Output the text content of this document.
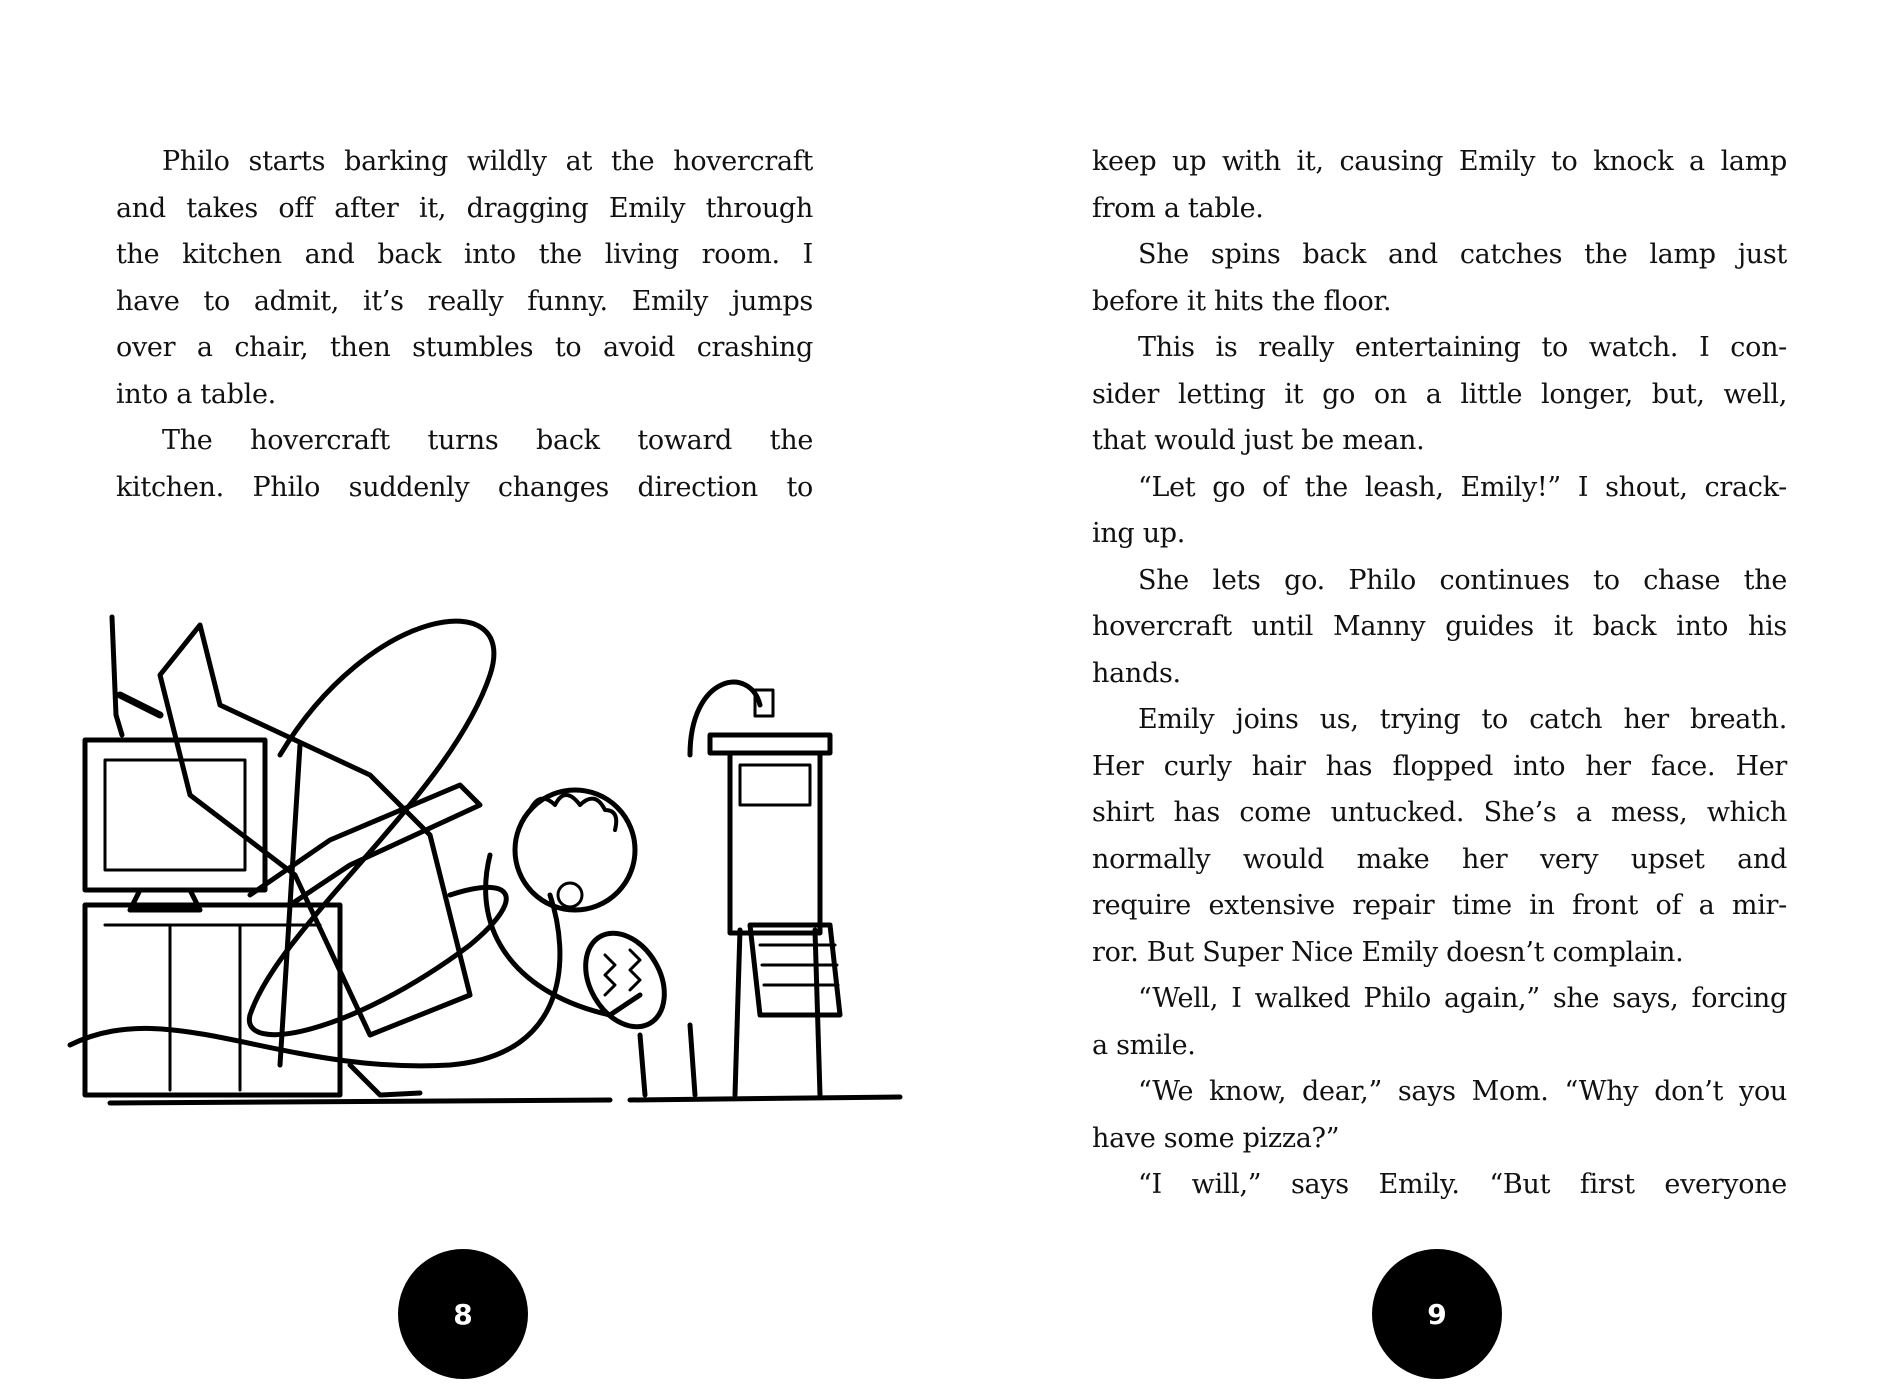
Philo starts barking wildly at the hovercraft
and takes off after it, dragging Emily through
the kitchen and back into the living room. I
have to admit, it’s really funny. Emily jumps
over a chair, then stumbles to avoid crashing
into a table.
The hovercraft turns back toward the
kitchen. Philo suddenly changes direction to
keep up with it, causing Emily to knock a lamp
from a table.
She spins back and catches the lamp just
before it hits the floor.
This is really entertaining to watch. I con-
sider letting it go on a little longer, but, well,
that would just be mean.
“Let go of the leash, Emily!” I shout, crack-
ing up.
She lets go. Philo continues to chase the
hovercraft until Manny guides it back into his
hands.
Emily joins us, trying to catch her breath.
Her curly hair has flopped into her face. Her
shirt has come untucked. She’s a mess, which
normally would make her very upset and
require extensive repair time in front of a mir-
ror. But Super Nice Emily doesn’t complain.
“Well, I walked Philo again,” she says, forcing
a smile.
“We know, dear,” says Mom. “Why don’t you
have some pizza?”
“I will,” says Emily. “But first everyone
8	9
